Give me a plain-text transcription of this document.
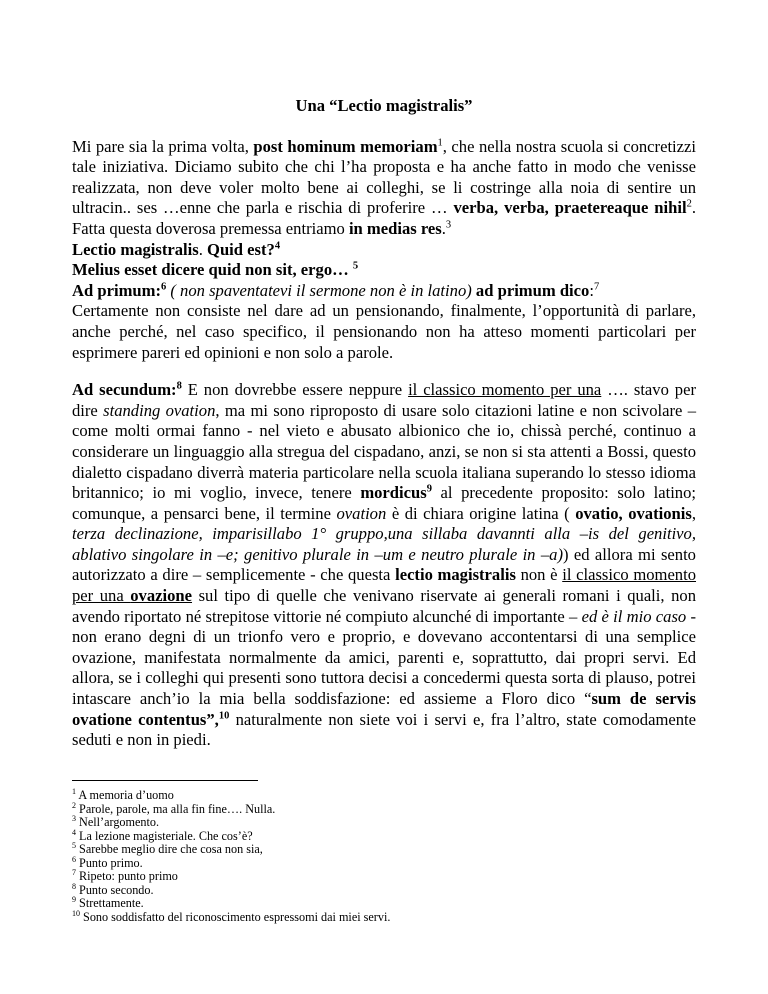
Una “Lectio magistralis”

Mi pare sia la prima volta, post hominum memoriam$^1$, che nella nostra scuola si concretizzi tale iniziativa. Diciamo subito che chi l’ha proposta e ha anche fatto in modo che venisse realizzata, non deve voler molto bene ai colleghi, se li costringe alla noia di sentire un ultracin.. ses …enne che parla e rischia di proferire … verba, verba, praetereaque nihil$^2$. Fatta questa doverosa premessa entriamo in medias res.$^3$

Lectio magistralis. Quid est?$^4$

Melius esset dicere quid non sit, ergo… $^5$

Ad primum:$^6$ ( non spaventatevi il sermone non è in latino) ad primum dico:$^7$
Certamente non consiste nel dare ad un pensionando, finalmente, l’opportunità di parlare, anche perché, nel caso specifico, il pensionando non ha atteso momenti particolari per esprimere pareri ed opinioni e non solo a parole.

Ad secundum:$^8$ E non dovrebbe essere neppure il classico momento per una …. stavo per dire standing ovation, ma mi sono riproposto di usare solo citazioni latine e non scivolare – come molti ormai fanno - nel vieto e abusato albionico che io, chissà perché, continuo a considerare un linguaggio alla stregua del cispadano, anzi, se non si sta attenti a Bossi, questo dialetto cispadano diverrà materia particolare nella scuola italiana superando lo stesso idioma britannico; io mi voglio, invece, tenere mordicus$^9$ al precedente proposito: solo latino; comunque, a pensarci bene, il termine ovation è di chiara origine latina ( ovatio, ovationis, terza declinazione, imparisillabo 1° gruppo,una sillaba davannti alla –is del genitivo, ablativo singolare in –e; genitivo plurale in –um e neutro plurale in –a)) ed allora mi sento autorizzato a dire – semplicemente - che questa lectio magistralis non è il classico momento per una ovazione sul tipo di quelle che venivano riservate ai generali romani i quali, non avendo riportato né strepitose vittorie né compiuto alcunché di importante – ed è il mio caso - non erano degni di un trionfo vero e proprio, e dovevano accontentarsi di una semplice ovazione, manifestata normalmente da amici, parenti e, soprattutto, dai propri servi. Ed allora, se i colleghi qui presenti sono tuttora decisi a concedermi questa sorta di plauso, potrei intascare anch’io la mia bella soddisfazione: ed assieme a Floro dico “sum de servis ovatione contentus”,$^{10}$ naturalmente non siete voi i servi e, fra l’altro, state comodamente seduti e non in piedi.

$^1$ A memoria d’uomo

$^2$ Parole, parole, ma alla fin fine…. Nulla.

$^3$ Nell’argomento.

$^4$ La lezione magisteriale. Che cos’è?

$^5$ Sarebbe meglio dire che cosa non sia,

$^6$ Punto primo.

$^7$ Ripeto: punto primo

$^8$ Punto secondo.

$^9$ Strettamente.

$^{10}$ Sono soddisfatto del riconoscimento espressomi dai miei servi.
